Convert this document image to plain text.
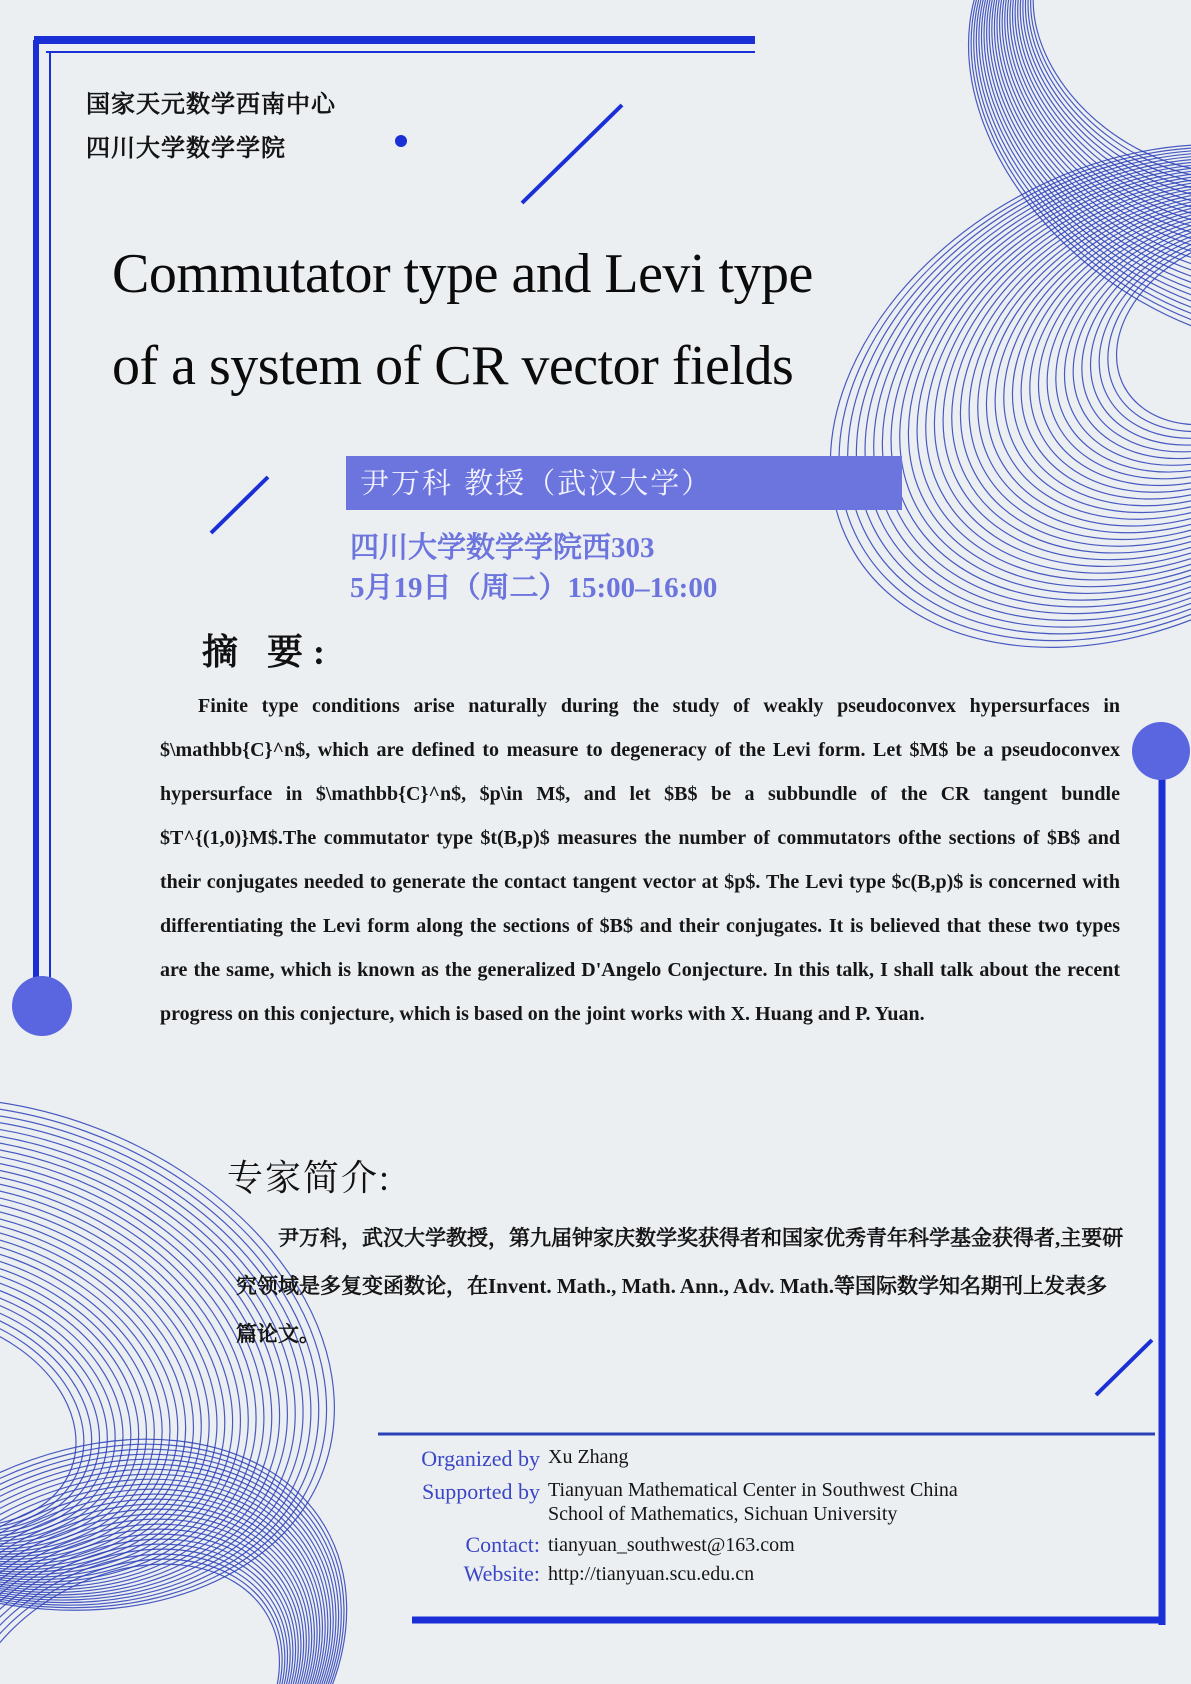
国家天元数学西南中心
四川大学数学学院
Commutator type and Levi type
of a system of CR vector fields
尹万科 教授（武汉大学）
四川大学数学学院西303
5月19日（周二）15:00–16:00
摘 要:
Finite type conditions arise naturally during the study of weakly pseudoconvex hypersurfaces in $\mathbb{C}^n$, which are defined to measure to degeneracy of the Levi form. Let $M$ be a pseudoconvex hypersurface in $\mathbb{C}^n$, $p\in M$, and let $B$ be a subbundle of the CR tangent bundle $T^{(1,0)}M$.The commutator type $t(B,p)$ measures the number of commutators ofthe sections of $B$ and their conjugates needed to generate the contact tangent vector at $p$. The Levi type $c(B,p)$ is concerned with differentiating the Levi form along the sections of $B$ and their conjugates. It is believed that these two types are the same, which is known as the generalized D'Angelo Conjecture. In this talk, I shall talk about the recent progress on this conjecture, which is based on the joint works with X. Huang and P. Yuan.
专家简介:
尹万科，武汉大学教授，第九届钟家庆数学奖获得者和国家优秀青年科学基金获得者,主要研究领域是多复变函数论，在Invent. Math., Math. Ann., Adv. Math.等国际数学知名期刊上发表多篇论文。
Organized by Xu Zhang
Supported by Tianyuan Mathematical Center in Southwest China
School of Mathematics, Sichuan University
Contact: tianyuan_southwest@163.com
Website: http://tianyuan.scu.edu.cn
